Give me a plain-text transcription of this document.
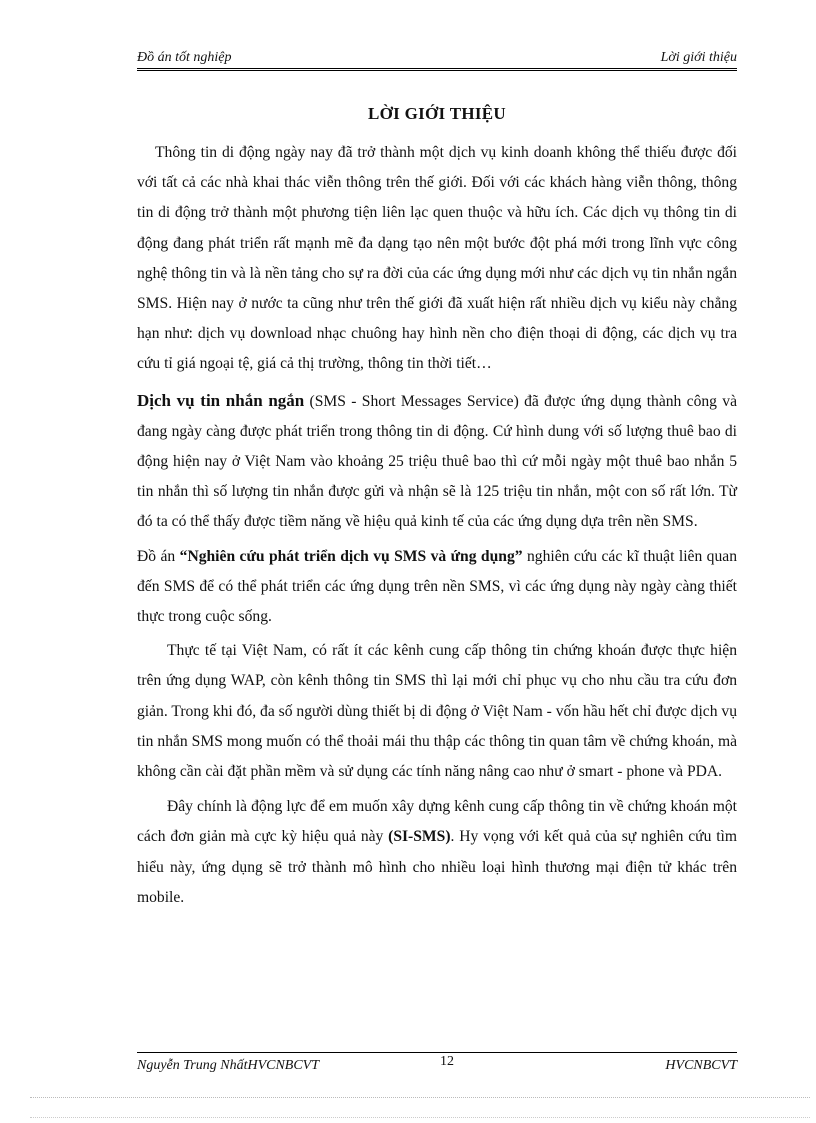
Đồ án tốt nghiệp	Lời giới thiệu
LỜI GIỚI THIỆU

Thông tin di động ngày nay đã trở thành một dịch vụ kinh doanh không thể thiếu được đối với tất cả các nhà khai thác viễn thông trên thế giới. Đối với các khách hàng viễn thông, thông tin di động trở thành một phương tiện liên lạc quen thuộc và hữu ích. Các dịch vụ thông tin di động đang phát triển rất mạnh mẽ đa dạng tạo nên một bước đột phá mới trong lĩnh vực công nghệ thông tin và là nền tảng cho sự ra đời của các ứng dụng mới như các dịch vụ tin nhắn ngắn SMS. Hiện nay ở nước ta cũng như trên thế giới đã xuất hiện rất nhiều dịch vụ kiểu này chẳng hạn như: dịch vụ download nhạc chuông hay hình nền cho điện thoại di động, các dịch vụ tra cứu tỉ giá ngoại tệ, giá cả thị trường, thông tin thời tiết…

Dịch vụ tin nhắn ngắn (SMS - Short Messages Service) đã được ứng dụng thành công và đang ngày càng được phát triển trong thông tin di động. Cứ hình dung với số lượng thuê bao di động hiện nay ở Việt Nam vào khoảng 25 triệu thuê bao thì cứ mỗi ngày một thuê bao nhắn 5 tin nhắn thì số lượng tin nhắn được gửi và nhận sẽ là 125 triệu tin nhắn, một con số rất lớn. Từ đó ta có thể thấy được tiềm năng về hiệu quả kinh tế của các ứng dụng dựa trên nền SMS.

Đồ án “Nghiên cứu phát triển dịch vụ SMS và ứng dụng” nghiên cứu các kĩ thuật liên quan đến SMS để có thể phát triển các ứng dụng trên nền SMS, vì các ứng dụng này ngày càng thiết thực trong cuộc sống.

Thực tế tại Việt Nam, có rất ít các kênh cung cấp thông tin chứng khoán được thực hiện trên ứng dụng WAP, còn kênh thông tin SMS thì lại mới chỉ phục vụ cho nhu cầu tra cứu đơn giản. Trong khi đó, đa số người dùng thiết bị di động ở Việt Nam - vốn hầu hết chỉ được dịch vụ tin nhắn SMS mong muốn có thể thoải mái thu thập các thông tin quan tâm về chứng khoán, mà không cần cài đặt phần mềm và sử dụng các tính năng nâng cao như ở smart - phone và PDA.

Đây chính là động lực để em muốn xây dựng kênh cung cấp thông tin về chứng khoán một cách đơn giản mà cực kỳ hiệu quả này (SI-SMS). Hy vọng với kết quả của sự nghiên cứu tìm hiểu này, ứng dụng sẽ trở thành mô hình cho nhiều loại hình thương mại điện tử khác trên mobile.

Nguyễn Trung NhấtHVCNBCVT	12	HVCNBCVT
